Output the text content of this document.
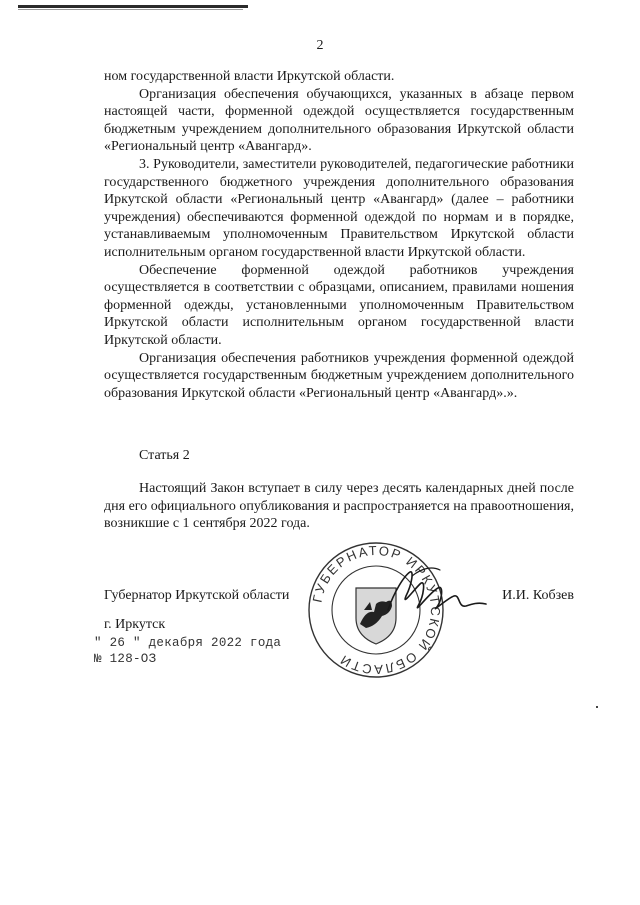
2

ном государственной власти Иркутской области.

Организация обеспечения обучающихся, указанных в абзаце первом настоящей части, форменной одеждой осуществляется государственным бюджетным учреждением дополнительного образования Иркутской области «Региональный центр «Авангард».

3. Руководители, заместители руководителей, педагогические работники государственного бюджетного учреждения дополнительного образования Иркутской области «Региональный центр «Авангард» (далее – работники учреждения) обеспечиваются форменной одеждой по нормам и в порядке, устанавливаемым уполномоченным Правительством Иркутской области исполнительным органом государственной власти Иркутской области.

Обеспечение форменной одеждой работников учреждения осуществляется в соответствии с образцами, описанием, правилами ношения форменной одежды, установленными уполномоченным Правительством Иркутской области исполнительным органом государственной власти Иркутской области.

Организация обеспечения работников учреждения форменной одеждой осуществляется государственным бюджетным учреждением дополнительного образования Иркутской области «Региональный центр «Авангард».».

Статья 2

Настоящий Закон вступает в силу через десять календарных дней после дня его официального опубликования и распространяется на правоотношения, возникшие с 1 сентября 2022 года.

Губернатор Иркутской области	И.И. Кобзев
ГУБЕРНАТОР ИРКУТСКОЙ ОБЛАСТИ
г. Иркутск
" 26 " декабря 2022 года
№ 128-ОЗ
